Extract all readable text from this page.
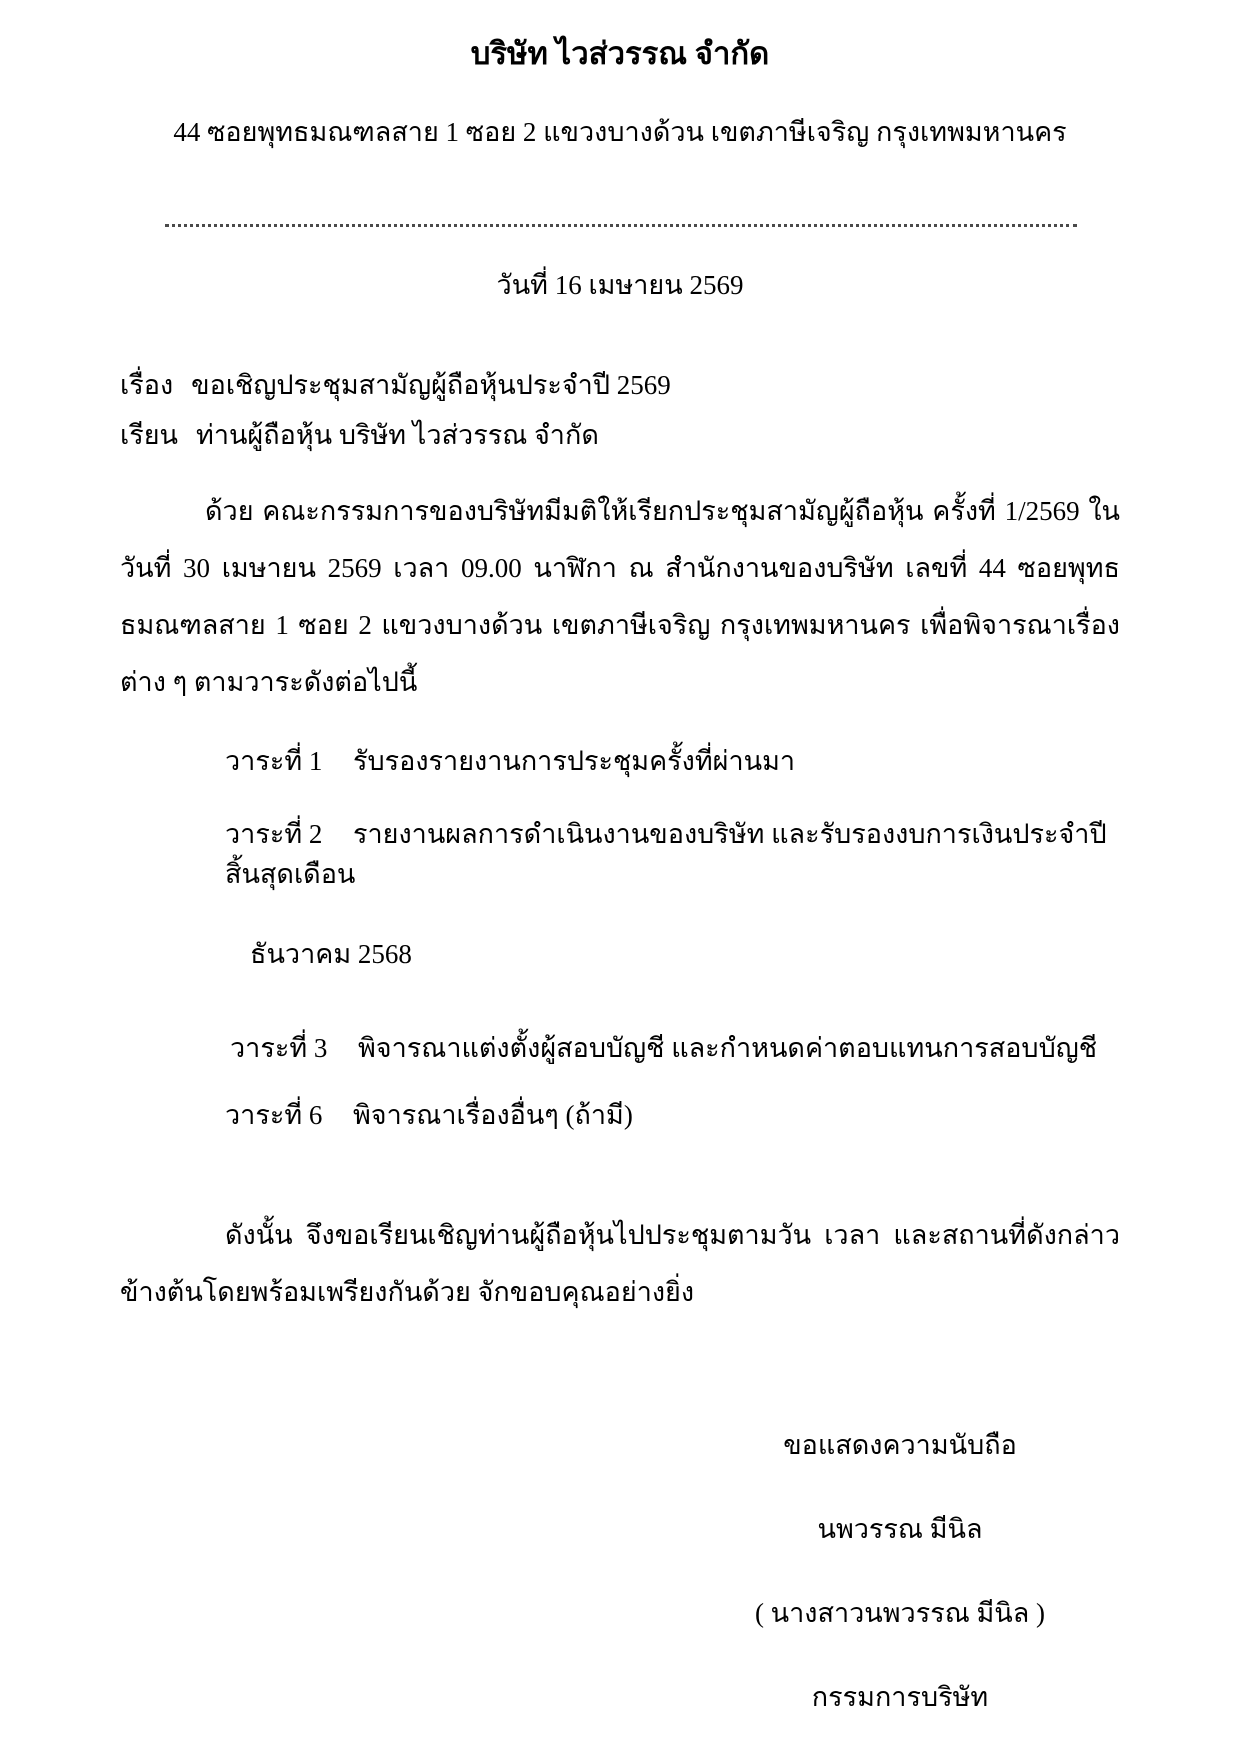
บริษัท ไวส่วรรณ จำกัด
44 ซอยพุทธมณฑลสาย 1 ซอย 2 แขวงบางด้วน เขตภาษีเจริญ กรุงเทพมหานคร
วันที่ 16 เมษายน 2569
เรื่อง ขอเชิญประชุมสามัญผู้ถือหุ้นประจำปี 2569
เรียน ท่านผู้ถือหุ้น บริษัท ไวส่วรรณ จำกัด
ด้วย คณะกรรมการของบริษัทมีมติให้เรียกประชุมสามัญผู้ถือหุ้น ครั้งที่ 1/2569 ในวันที่ 30 เมษายน 2569 เวลา 09.00 นาฬิกา ณ สำนักงานของบริษัท เลขที่ 44 ซอยพุทธธมณฑลสาย 1 ซอย 2 แขวงบางด้วน เขตภาษีเจริญ กรุงเทพมหานคร เพื่อพิจารณาเรื่องต่าง ๆ ตามวาระดังต่อไปนี้
วาระที่ 1 รับรองรายงานการประชุมครั้งที่ผ่านมา
วาระที่ 2 รายงานผลการดำเนินงานของบริษัท และรับรองงบการเงินประจำปีสิ้นสุดเดือน
ธันวาคม 2568
วาระที่ 3 พิจารณาแต่งตั้งผู้สอบบัญชี และกำหนดค่าตอบแทนการสอบบัญชี
วาระที่ 6 พิจารณาเรื่องอื่นๆ (ถ้ามี)
ดังนั้น จึงขอเรียนเชิญท่านผู้ถือหุ้นไปประชุมตามวัน เวลา และสถานที่ดังกล่าวข้างต้นโดยพร้อมเพรียงกันด้วย จักขอบคุณอย่างยิ่ง
ขอแสดงความนับถือ
นพวรรณ มีนิล
( นางสาวนพวรรณ มีนิล )
กรรมการบริษัท
